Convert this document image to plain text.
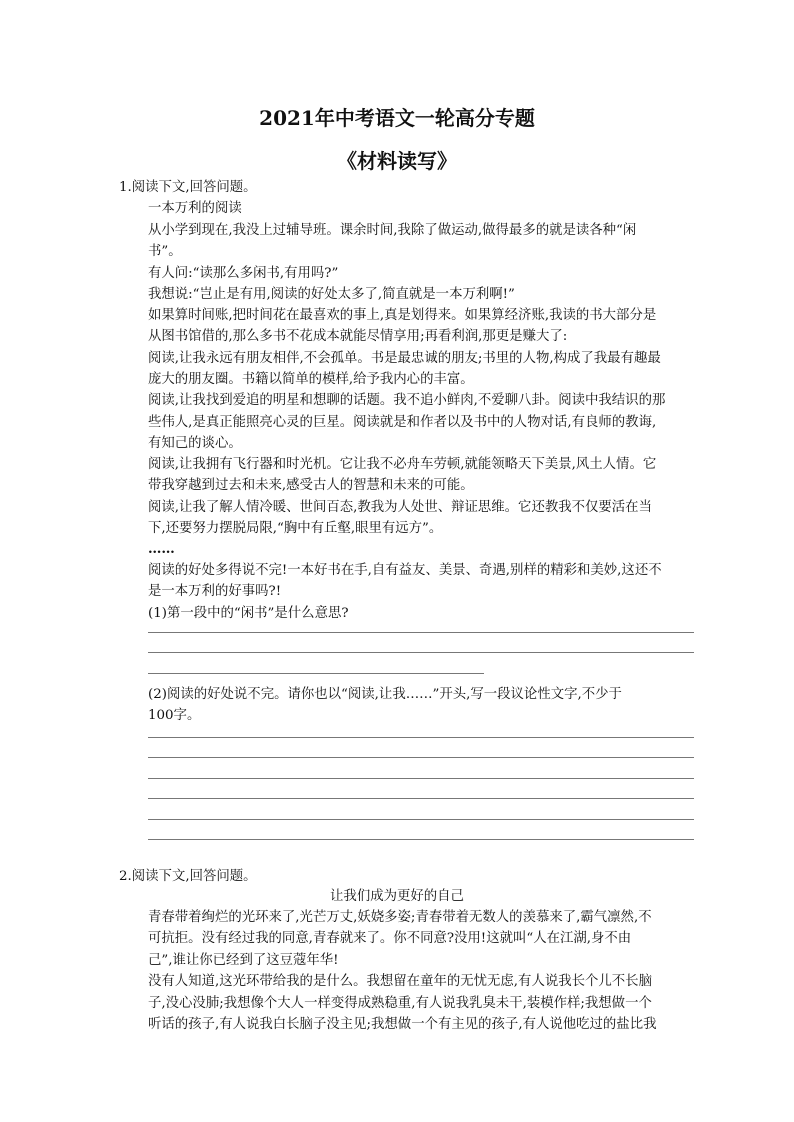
2021年中考语文一轮高分专题
《材料读写》
1.阅读下文,回答问题。
一本万利的阅读
从小学到现在,我没上过辅导班。课余时间,我除了做运动,做得最多的就是读各种“闲
书”。
有人问:“读那么多闲书,有用吗?”
我想说:“岂止是有用,阅读的好处太多了,简直就是一本万利啊!”
如果算时间账,把时间花在最喜欢的事上,真是划得来。如果算经济账,我读的书大部分是
从图书馆借的,那么多书不花成本就能尽情享用;再看利润,那更是赚大了:
阅读,让我永远有朋友相伴,不会孤单。书是最忠诚的朋友;书里的人物,构成了我最有趣最
庞大的朋友圈。书籍以简单的模样,给予我内心的丰富。
阅读,让我找到爱追的明星和想聊的话题。我不追小鲜肉,不爱聊八卦。阅读中我结识的那
些伟人,是真正能照亮心灵的巨星。阅读就是和作者以及书中的人物对话,有良师的教诲,
有知己的谈心。
阅读,让我拥有飞行器和时光机。它让我不必舟车劳顿,就能领略天下美景,风土人情。它
带我穿越到过去和未来,感受古人的智慧和未来的可能。
阅读,让我了解人情冷暖、世间百态,教我为人处世、辩证思维。它还教我不仅要活在当
下,还要努力摆脱局限,“胸中有丘壑,眼里有远方”。
……
阅读的好处多得说不完!一本好书在手,自有益友、美景、奇遇,别样的精彩和美妙,这还不
是一本万利的好事吗?!
(1)第一段中的“闲书”是什么意思?
(2)阅读的好处说不完。请你也以“阅读,让我……”开头,写一段议论性文字,不少于
100字。
2.阅读下文,回答问题。
让我们成为更好的自己
青春带着绚烂的光环来了,光芒万丈,妖娆多姿;青春带着无数人的羡慕来了,霸气凛然,不
可抗拒。没有经过我的同意,青春就来了。你不同意?没用!这就叫“人在江湖,身不由
己”,谁让你已经到了这豆蔻年华!
没有人知道,这光环带给我的是什么。我想留在童年的无忧无虑,有人说我长个儿不长脑
子,没心没肺;我想像个大人一样变得成熟稳重,有人说我乳臭未干,装模作样;我想做一个
听话的孩子,有人说我白长脑子没主见;我想做一个有主见的孩子,有人说他吃过的盐比我
